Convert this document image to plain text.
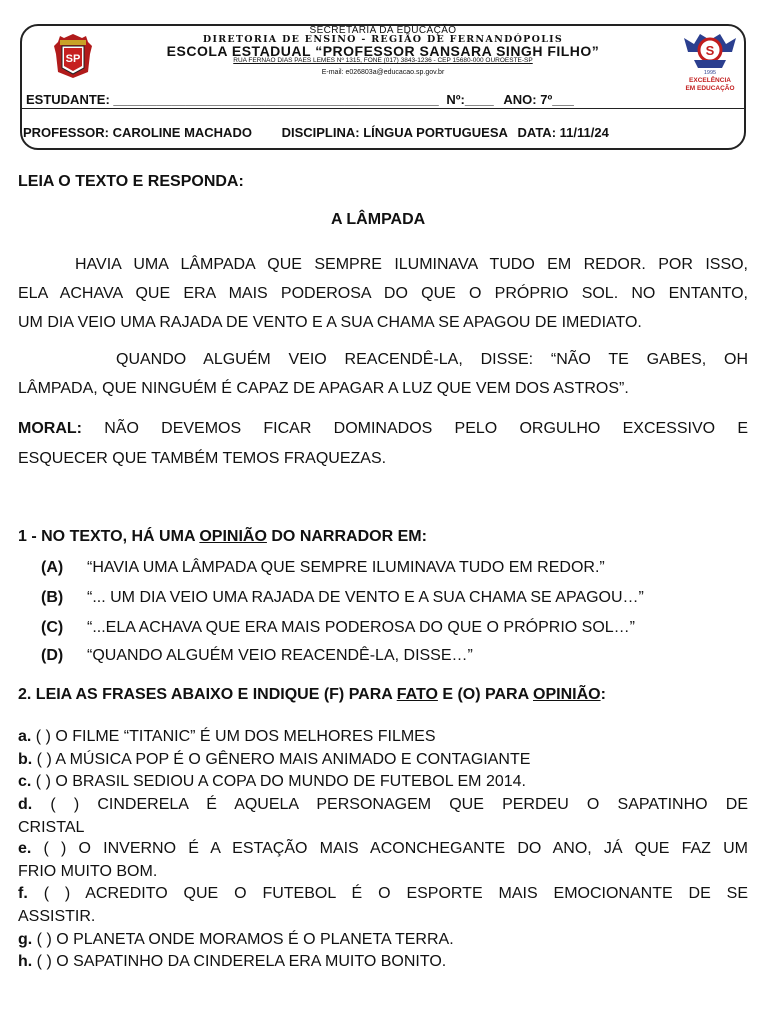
SP
SECRETARIA DA EDUCAÇÃO
DIRETORIA DE ENSINO - REGIÃO DE FERNANDÓPOLIS
ESCOLA ESTADUAL “PROFESSOR SANSARA SINGH FILHO”
RUA FERNÃO DIAS PAES LEMES Nº 1315, FONE (017) 3843-1236 - CEP 15680-000 OUROESTE-SP
E-mail: e026803a@educacao.sp.gov.br
S
1995
EXCELÊNCIA
EM EDUCAÇÃO
ESTUDANTE: _____________________________________________ Nº:____ ANO: 7º___
PROFESSOR: CAROLINE MACHADO DISCIPLINA: LÍNGUA PORTUGUESA DATA: 11/11/24
LEIA O TEXTO E RESPONDA:
A LÂMPADA
HAVIA UMA LÂMPADA QUE SEMPRE ILUMINAVA TUDO EM REDOR. POR ISSO,
ELA ACHAVA QUE ERA MAIS PODEROSA DO QUE O PRÓPRIO SOL. NO ENTANTO,
UM DIA VEIO UMA RAJADA DE VENTO E A SUA CHAMA SE APAGOU DE IMEDIATO.
QUANDO ALGUÉM VEIO REACENDÊ-LA, DISSE: “NÃO TE GABES, OH
LÂMPADA, QUE NINGUÉM É CAPAZ DE APAGAR A LUZ QUE VEM DOS ASTROS”.
MORAL: NÃO DEVEMOS FICAR DOMINADOS PELO ORGULHO EXCESSIVO E
ESQUECER QUE TAMBÉM TEMOS FRAQUEZAS.
1 - NO TEXTO, HÁ UMA OPINIÃO DO NARRADOR EM:
(A) “HAVIA UMA LÂMPADA QUE SEMPRE ILUMINAVA TUDO EM REDOR.”
(B) “... UM DIA VEIO UMA RAJADA DE VENTO E A SUA CHAMA SE APAGOU…”
(C) “...ELA ACHAVA QUE ERA MAIS PODEROSA DO QUE O PRÓPRIO SOL…”
(D) “QUANDO ALGUÉM VEIO REACENDÊ-LA, DISSE…”
2. LEIA AS FRASES ABAIXO E INDIQUE (F) PARA FATO E (O) PARA OPINIÃO:
a. ( ) O FILME “TITANIC” É UM DOS MELHORES FILMES
b. ( ) A MÚSICA POP É O GÊNERO MAIS ANIMADO E CONTAGIANTE
c. ( ) O BRASIL SEDIOU A COPA DO MUNDO DE FUTEBOL EM 2014.
d. ( ) CINDERELA É AQUELA PERSONAGEM QUE PERDEU O SAPATINHO DE
CRISTAL
e. ( ) O INVERNO É A ESTAÇÃO MAIS ACONCHEGANTE DO ANO, JÁ QUE FAZ UM
FRIO MUITO BOM.
f. ( ) ACREDITO QUE O FUTEBOL É O ESPORTE MAIS EMOCIONANTE DE SE
ASSISTIR.
g. ( ) O PLANETA ONDE MORAMOS É O PLANETA TERRA.
h. ( ) O SAPATINHO DA CINDERELA ERA MUITO BONITO.
